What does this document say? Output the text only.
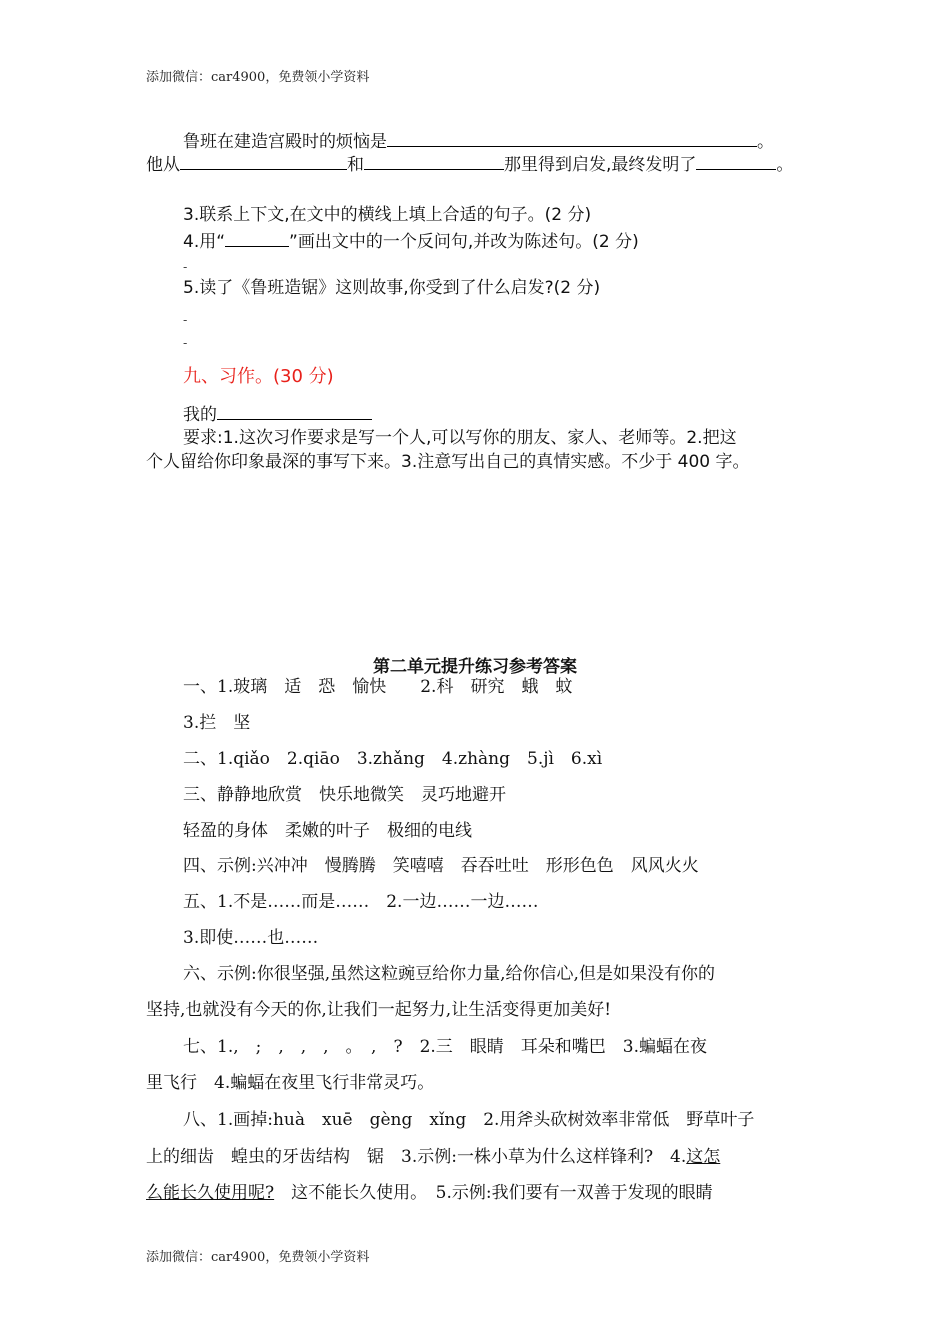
添加微信：car4900，免费领小学资料
鲁班在建造宫殿时的烦恼是	。
他从	和	那里得到启发,最终发明了	。
3.联系上下文,在文中的横线上填上合适的句子。(2 分)
4.用“	”画出文中的一个反问句,并改为陈述句。(2 分)
-
5.读了《鲁班造锯》这则故事,你受到了什么启发?(2 分)
-
-
九、习作。(30 分)
我的
要求:1.这次习作要求是写一个人,可以写你的朋友、家人、老师等。2.把这
个人留给你印象最深的事写下来。3.注意写出自己的真情实感。不少于 400 字。
第二单元提升练习参考答案
一、1.玻璃　适　恐　愉快　　2.科　研究　蛾　蚊
3.拦　坚
二、1.qiǎo　2.qiāo　3.zhǎng　4.zhàng　5.jì　6.xì
三、静静地欣赏　快乐地微笑　灵巧地避开
轻盈的身体　柔嫩的叶子　极细的电线
四、示例:兴冲冲　慢腾腾　笑嘻嘻　吞吞吐吐　形形色色　风风火火
五、1.不是……而是……　2.一边……一边……
3.即使……也……
六、示例:你很坚强,虽然这粒豌豆给你力量,给你信心,但是如果没有你的
坚持,也就没有今天的你,让我们一起努力,让生活变得更加美好!
七、1.,　;　,　,　,　。　,　?　2.三　眼睛　耳朵和嘴巴　3.蝙蝠在夜
里飞行　4.蝙蝠在夜里飞行非常灵巧。
八、1.画掉:huà　xuē　gèng　xǐng　2.用斧头砍树效率非常低　野草叶子
上的细齿　蝗虫的牙齿结构　锯　3.示例:一株小草为什么这样锋利?　4.这怎
么能长久使用呢?　这不能长久使用。　5.示例:我们要有一双善于发现的眼睛
添加微信：car4900，免费领小学资料
